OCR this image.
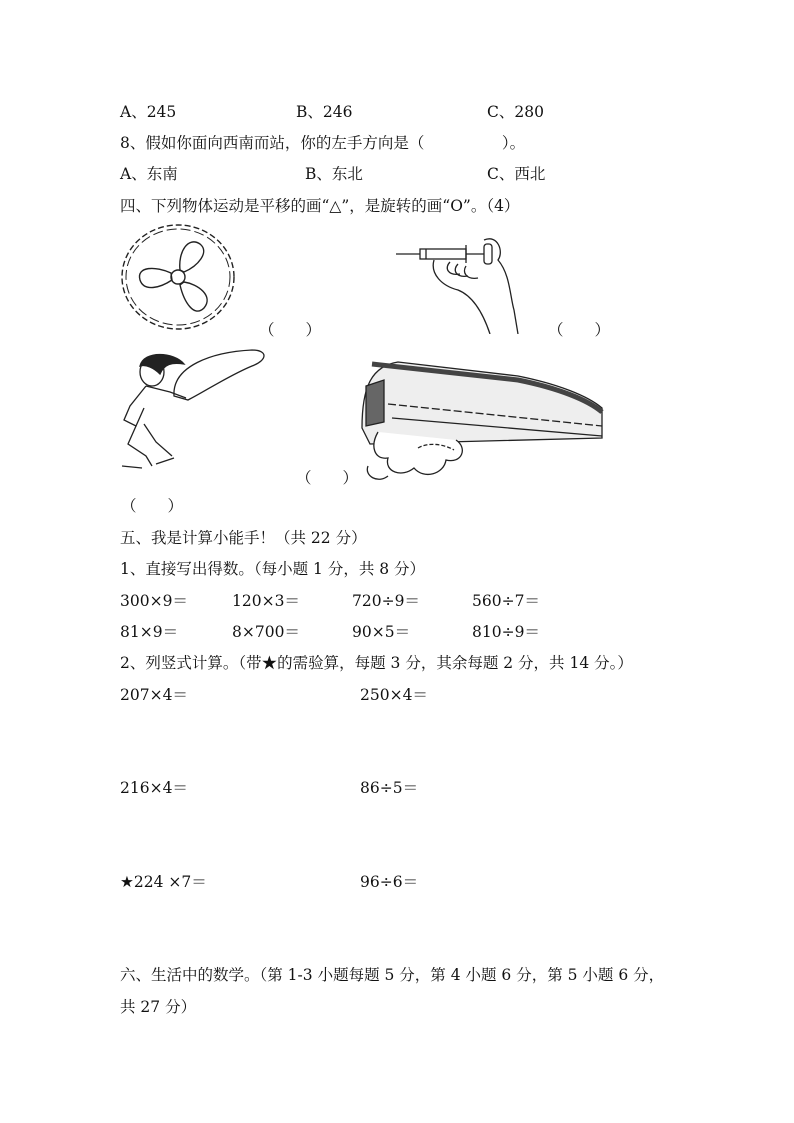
A、245	B、246	C、280
8、假如你面向西南而站，你的左手方向是（　　　　　）。
A、东南	B、东北	C、西北
四、下列物体运动是平移的画“△”，是旋转的画“O”。（4）
（　　）	（　　）
（　　）
（　　）
五、我是计算小能手！（共 22 分）
1、直接写出得数。（每小题 1 分，共 8 分）
300×9＝	120×3＝	720÷9＝	560÷7＝
81×9＝	8×700＝	90×5＝	810÷9＝
2、列竖式计算。（带★的需验算，每题 3 分，其余每题 2 分，共 14 分。）
207×4＝	250×4＝
216×4＝	86÷5＝
★224 ×7＝	96÷6＝
六、生活中的数学。（第 1-3 小题每题 5 分，第 4 小题 6 分，第 5 小题 6 分，
共 27 分）
